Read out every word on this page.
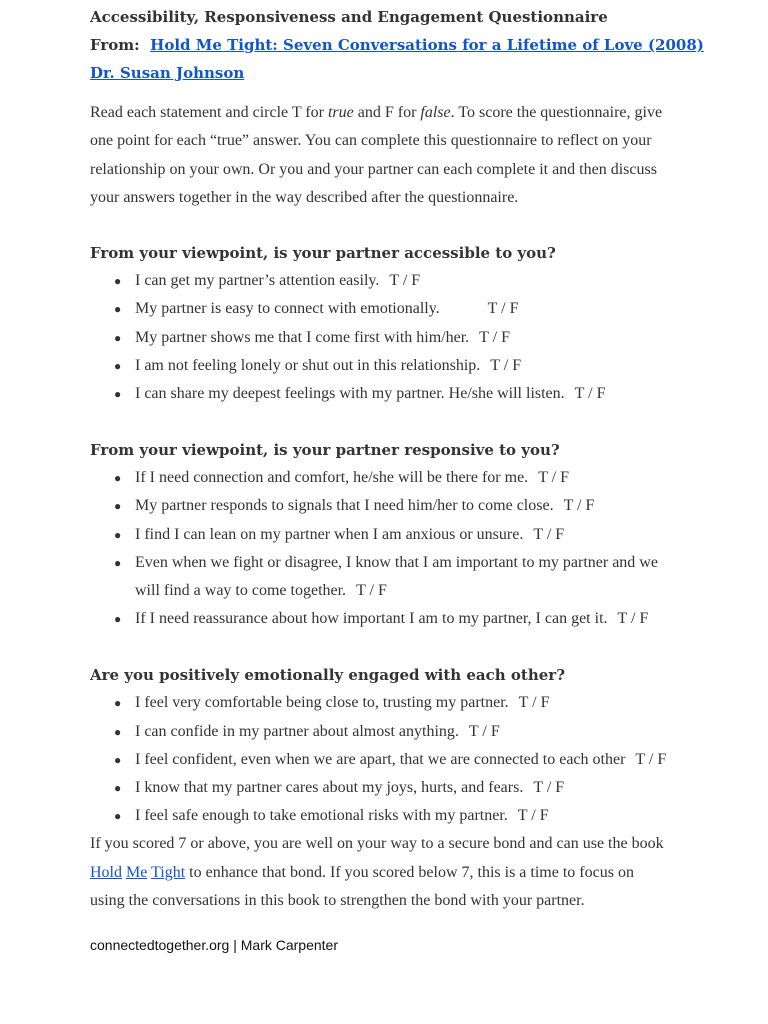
Accessibility, Responsiveness and Engagement Questionnaire
From: Hold Me Tight: Seven Conversations for a Lifetime of Love (2008)
Dr. Susan Johnson

Read each statement and circle T for true and F for false. To score the questionnaire, give one point for each “true” answer. You can complete this questionnaire to reflect on your relationship on your own. Or you and your partner can each complete it and then discuss your answers together in the way described after the questionnaire.

From your viewpoint, is your partner accessible to you?
● I can get my partner’s attention easily. T / F
● My partner is easy to connect with emotionally.	T / F
● My partner shows me that I come first with him/her. T / F
● I am not feeling lonely or shut out in this relationship. T / F
● I can share my deepest feelings with my partner. He/she will listen. T / F
From your viewpoint, is your partner responsive to you?
● If I need connection and comfort, he/she will be there for me. T / F
● My partner responds to signals that I need him/her to come close. T / F
● I find I can lean on my partner when I am anxious or unsure. T / F
● Even when we fight or disagree, I know that I am important to my partner and we will find a way to come together. T / F
● If I need reassurance about how important I am to my partner, I can get it. T / F
Are you positively emotionally engaged with each other?
● I feel very comfortable being close to, trusting my partner. T / F
● I can confide in my partner about almost anything. T / F
● I feel confident, even when we are apart, that we are connected to each other T / F
● I know that my partner cares about my joys, hurts, and fears. T / F
● I feel safe enough to take emotional risks with my partner. T / F
If you scored 7 or above, you are well on your way to a secure bond and can use the book Hold Me Tight to enhance that bond. If you scored below 7, this is a time to focus on using the conversations in this book to strengthen the bond with your partner.
connectedtogether.org | Mark Carpenter
